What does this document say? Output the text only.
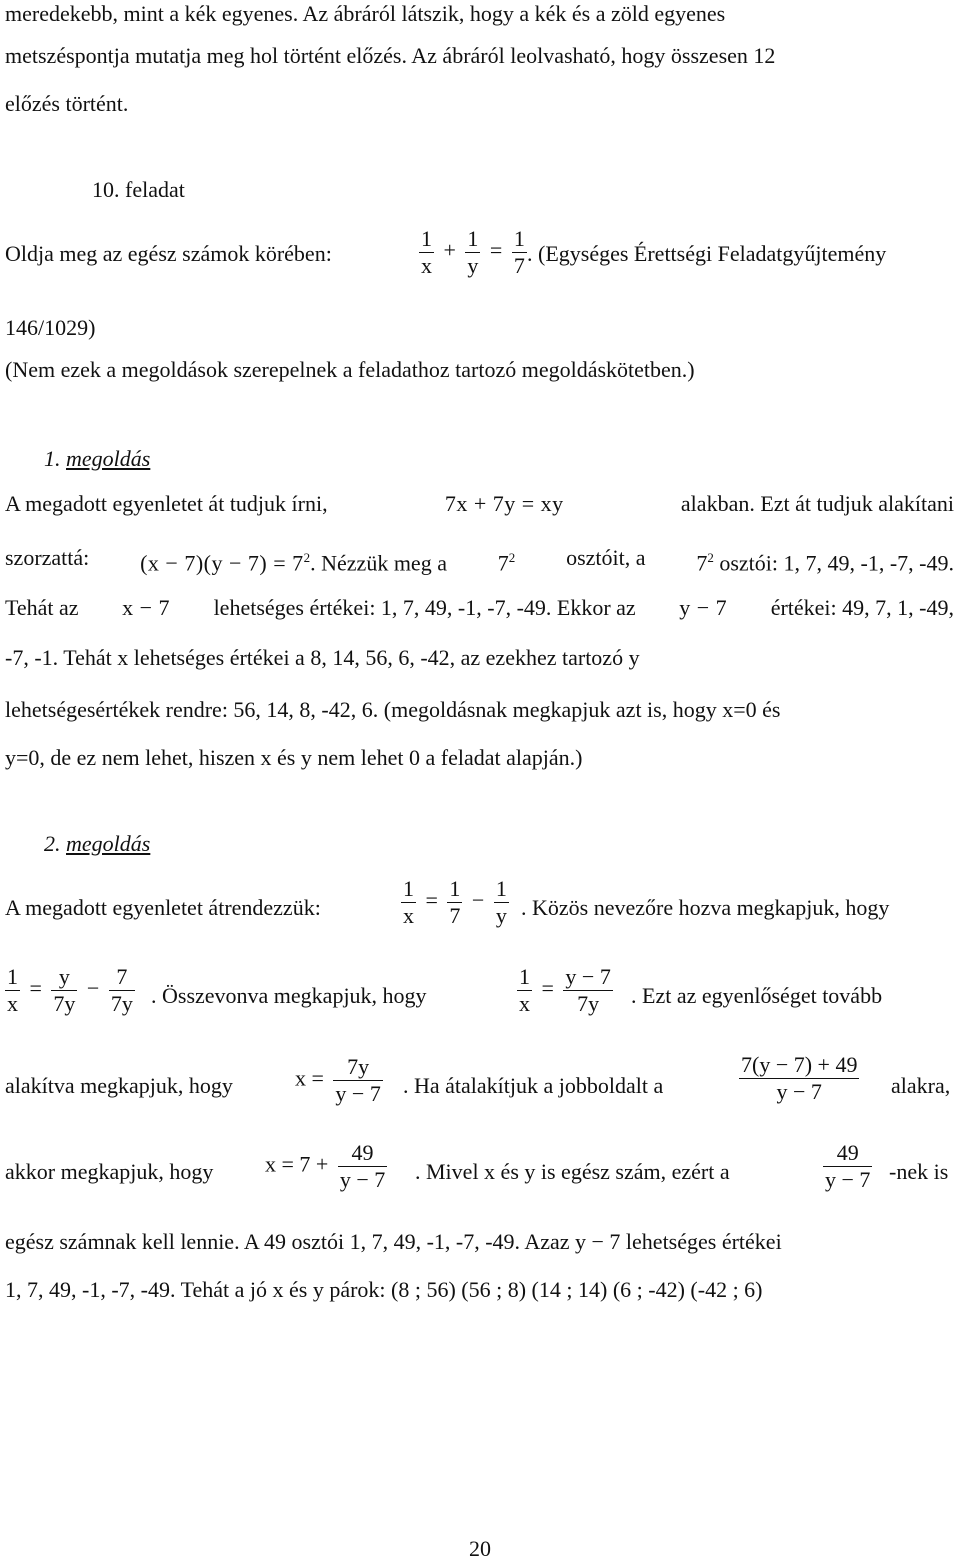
meredekebb, mint a kék egyenes. Az ábráról látszik, hogy a kék és a zöld egyenes
metszéspontja mutatja meg hol történt előzés. Az ábráról leolvasható, hogy összesen 12
előzés történt.
10. feladat
Oldja meg az egész számok körében:	$\frac{1}{x} + \frac{1}{y} = \frac{1}{7}$ . (Egységes Érettségi Feladatgyűjtemény
146/1029)
(Nem ezek a megoldások szerepelnek a feladathoz tartozó megoldáskötetben.)
1. megoldás
A megadott egyenletet át tudjuk írni,	7x + 7y = xy	alakban. Ezt át tudjuk alakítani
szorzattá: $(x - 7)(y - 7) = 7^2$. Nézzük meg a $7^2$ osztóit, a $7^2$ osztói: 1, 7, 49, -1, -7, -49.
Tehát az x − 7 lehetséges értékei: 1, 7, 49, -1, -7, -49. Ekkor az y − 7 értékei: 49, 7, 1, -49,
-7, -1. Tehát x lehetséges értékei a 8, 14, 56, 6, -42, az ezekhez tartozó y
lehetségesértékek rendre: 56, 14, 8, -42, 6. (megoldásnak megkapjuk azt is, hogy x=0 és
y=0, de ez nem lehet, hiszen x és y nem lehet 0 a feladat alapján.)
2. megoldás
A megadott egyenletet átrendezzük:	$\frac{1}{x} = \frac{1}{7} - \frac{1}{y}$ . Közös nevezőre hozva megkapjuk, hogy
$\frac{1}{x} = \frac{y}{7y} - \frac{7}{7y}$ . Összevonva megkapjuk, hogy	$\frac{1}{x} = \frac{y - 7}{7y}$ . Ezt az egyenlőséget tovább
alakítva megkapjuk, hogy	$x = \frac{7y}{y - 7}$ . Ha átalakítjuk a jobboldalt a	$\frac{7(y - 7) + 49}{y - 7}$ alakra,
akkor megkapjuk, hogy $x = 7 + \frac{49}{y - 7}$ . Mivel x és y is egész szám, ezért a	$\frac{49}{y - 7} -nek$ is
egész számnak kell lennie. A 49 osztói 1, 7, 49, -1, -7, -49. Azaz y − 7 lehetséges értékei
1, 7, 49, -1, -7, -49. Tehát a jó x és y párok: (8 ; 56) (56 ; 8) (14 ; 14) (6 ; -42) (-42 ; 6)
20
